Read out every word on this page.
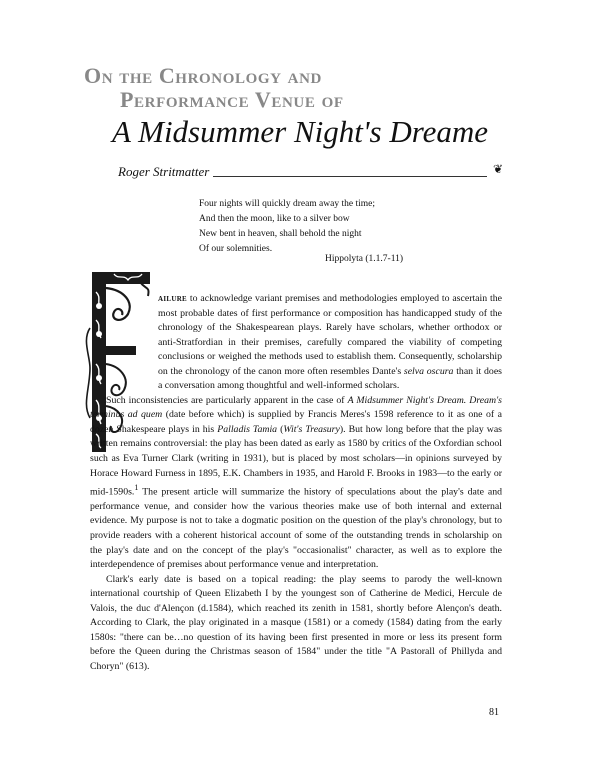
On the Chronology and
Performance Venue of
A Midsummer Night's Dreame
Roger Stritmatter	❦
Four nights will quickly dream away the time;
And then the moon, like to a silver bow
New bent in heaven, shall behold the night
Of our solemnities.
Hippolyta (1.1.7-11)

ailure to acknowledge variant premises and methodologies employed to ascertain the most probable dates of first performance or composition has handicapped study of the chronology of the Shakespearean plays. Rarely have scholars, whether orthodox or anti-Stratfordian in their premises, carefully compared the viability of competing conclusions or weighed the methods used to establish them. Consequently, scholarship on the chronology of the canon more often resembles Dante's selva oscura than it does a conversation among thoughtful and well-informed scholars.

Such inconsistencies are particularly apparent in the case of A Midsummer Night's Dream. Dream's terminus ad quem (date before which) is supplied by Francis Meres's 1598 reference to it as one of a dozen Shakespeare plays in his Palladis Tamia (Wit's Treasury). But how long before that the play was written remains controversial: the play has been dated as early as 1580 by critics of the Oxfordian school such as Eva Turner Clark (writing in 1931), but is placed by most scholars—in opinions surveyed by Horace Howard Furness in 1895, E.K. Chambers in 1935, and Harold F. Brooks in 1983—to the early or mid-1590s.$^1$ The present article will summarize the history of speculations about the play's date and performance venue, and consider how the various theories make use of both internal and external evidence. My purpose is not to take a dogmatic position on the question of the play's chronology, but to provide readers with a coherent historical account of some of the outstanding trends in scholarship on the play's date and on the concept of the play's "occasionalist" character, as well as to explore the interdependence of premises about performance venue and interpretation.

Clark's early date is based on a topical reading: the play seems to parody the well-known international courtship of Queen Elizabeth I by the youngest son of Catherine de Medici, Hercule de Valois, the duc d'Alençon (d.1584), which reached its zenith in 1581, shortly before Alençon's death. According to Clark, the play originated in a masque (1581) or a comedy (1584) dating from the early 1580s: "there can be…no question of its having been first presented in more or less its present form before the Queen during the Christmas season of 1584" under the title "A Pastorall of Phillyda and Choryn" (613).

81
